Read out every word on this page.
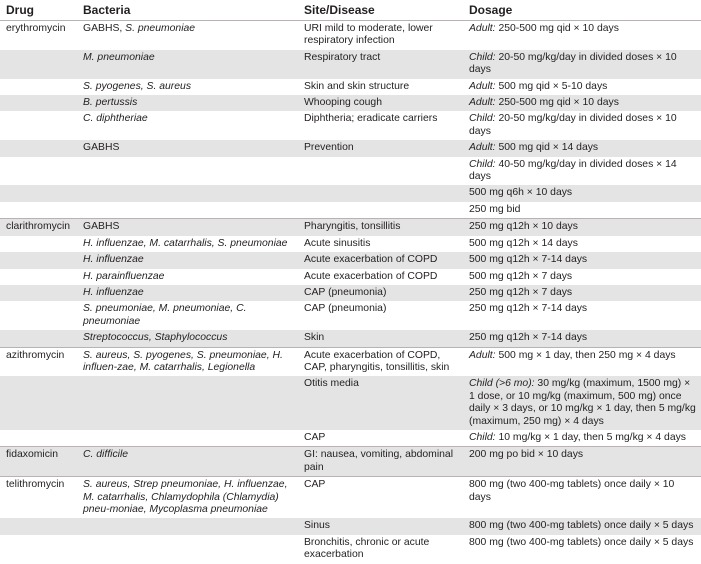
Drug	Bacteria	Site/Disease	Dosage
erythromycin	GABHS, S. pneumoniae	URI mild to moderate, lower respiratory infection	Adult: 250-500 mg qid × 10 days
	M. pneumoniae	Respiratory tract	Child: 20-50 mg/kg/day in divided doses × 10 days
	S. pyogenes, S. aureus	Skin and skin structure	Adult: 500 mg qid × 5-10 days
	B. pertussis	Whooping cough	Adult: 250-500 mg qid × 10 days
	C. diphtheriae	Diphtheria; eradicate carriers	Child: 20-50 mg/kg/day in divided doses × 10 days
	GABHS	Prevention	Adult: 500 mg qid × 14 days
			Child: 40-50 mg/kg/day in divided doses × 14 days
			500 mg q6h × 10 days
			250 mg bid
clarithromycin	GABHS	Pharyngitis, tonsillitis	250 mg q12h × 10 days
	H. influenzae, M. catarrhalis, S. pneumoniae	Acute sinusitis	500 mg q12h × 14 days
	H. influenzae	Acute exacerbation of COPD	500 mg q12h × 7-14 days
	H. parainfluenzae	Acute exacerbation of COPD	500 mg q12h × 7 days
	H. influenzae	CAP (pneumonia)	250 mg q12h × 7 days
	S. pneumoniae, M. pneumoniae, C. pneumoniae	CAP (pneumonia)	250 mg q12h × 7-14 days
	Streptococcus, Staphylococcus	Skin	250 mg q12h × 7-14 days
azithromycin	S. aureus, S. pyogenes, S. pneumoniae, H. influen-zae, M. catarrhalis, Legionella	Acute exacerbation of COPD, CAP, pharyngitis, tonsillitis, skin	Adult: 500 mg × 1 day, then 250 mg × 4 days
		Otitis media	Child (>6 mo): 30 mg/kg (maximum, 1500 mg) × 1 dose, or 10 mg/kg (maximum, 500 mg) once daily × 3 days, or 10 mg/kg × 1 day, then 5 mg/kg (maximum, 250 mg) × 4 days
		CAP	Child: 10 mg/kg × 1 day, then 5 mg/kg × 4 days
fidaxomicin	C. difficile	GI: nausea, vomiting, abdominal pain	200 mg po bid × 10 days
telithromycin	S. aureus, Strep pneumoniae, H. influenzae, M. catarrhalis, Chlamydophila (Chlamydia) pneu-moniae, Mycoplasma pneumoniae	CAP	800 mg (two 400-mg tablets) once daily × 10 days
		Sinus	800 mg (two 400-mg tablets) once daily × 5 days
		Bronchitis, chronic or acute exacerbation	800 mg (two 400-mg tablets) once daily × 5 days
